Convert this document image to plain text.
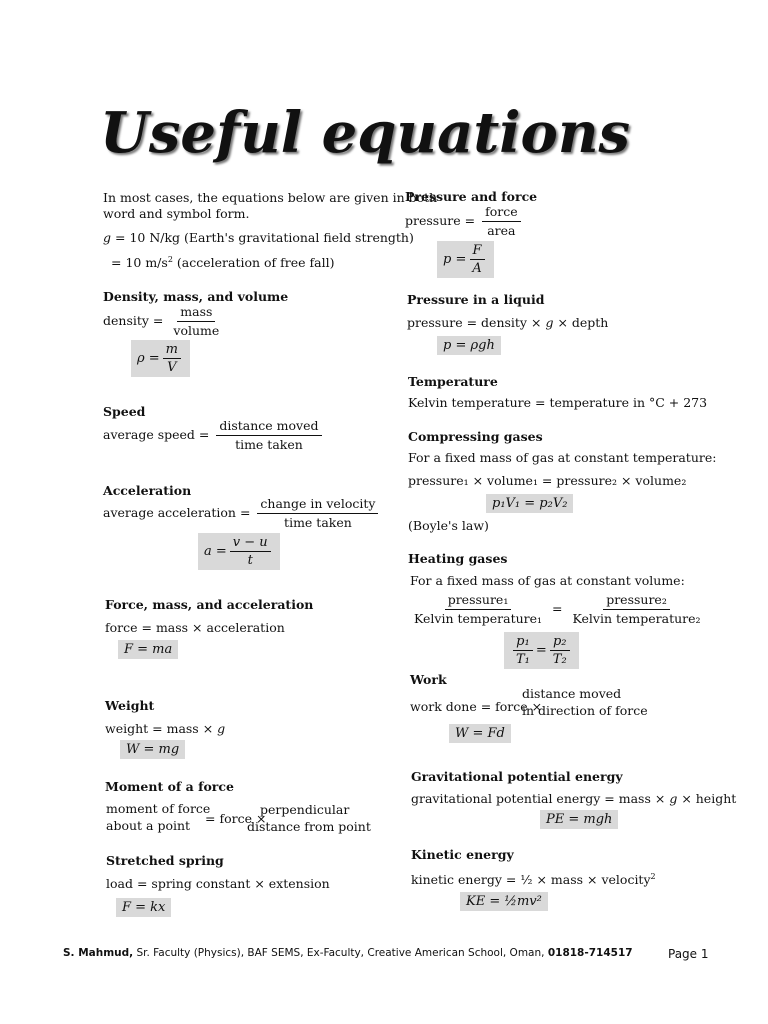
Useful equations
In most cases, the equations below are given in both
word and symbol form.
g = 10 N/kg (Earth's gravitational field strength)
= 10 $m/s^2$ (acceleration of free fall)
Density, mass, and volume
density = $\frac{\text{mass}}{\text{volume}}$
$\rho = \frac{m}{V}$
Speed
average speed = $\frac{\text{distance moved}}{\text{time taken}}$
Acceleration
average acceleration = $\frac{\text{change in velocity}}{\text{time taken}}$
$a = \frac{v - u}{t}$
Force, mass, and acceleration
force = mass × acceleration
F = ma
Weight
weight = mass × g
W = mg
Moment of a force
moment of force
about a point = force ×
perpendicular
distance from point
Stretched spring
load = spring constant × extension
F = kx
Pressure and force
pressure = $\frac{\text{force}}{\text{area}}$
$p = \frac{F}{A}$
Pressure in a liquid
pressure = density × g × depth
p = ρgh
Temperature
Kelvin temperature = temperature in °C + 273
Compressing gases
For a fixed mass of gas at constant temperature:
pressure₁ × volume₁ = pressure₂ × volume₂
p₁V₁ = p₂V₂
(Boyle's law)
Heating gases
For a fixed mass of gas at constant volume:
$\frac{\text{pressure₁}}{\text{Kelvin temperature₁}} = \frac{\text{pressure₂}}{\text{Kelvin temperature₂}}$
$\frac{\text{p₁}}{\text{T₁}} = \frac{\text{p₂}}{\text{T₂}}$
Work
work done = force ×
distance moved
in direction of force
W = Fd
Gravitational potential energy
gravitational potential energy = mass × g × height
PE = mgh
Kinetic energy
kinetic energy = ½ × mass × velocity$^2$
KE = ½mv²
S. Mahmud, Sr. Faculty (Physics), BAF SEMS, Ex-Faculty, Creative American School, Oman, 01818-714517	Page 1
